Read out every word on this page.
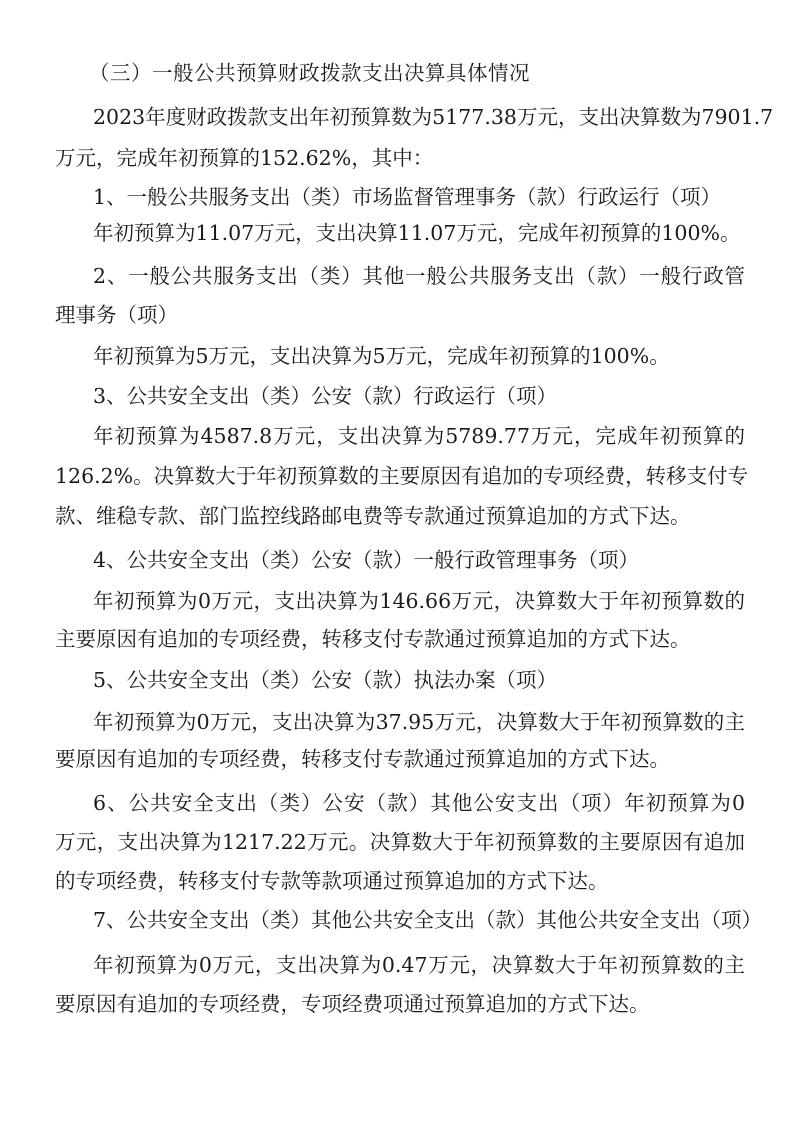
（三）一般公共预算财政拨款支出决算具体情况
2023年度财政拨款支出年初预算数为5177.38万元，支出决算数为7901.7
万元，完成年初预算的152.62%，其中：
1、一般公共服务支出（类）市场监督管理事务（款）行政运行（项）
年初预算为11.07万元，支出决算11.07万元，完成年初预算的100%。
2、一般公共服务支出（类）其他一般公共服务支出（款）一般行政管
理事务（项）
年初预算为5万元，支出决算为5万元，完成年初预算的100%。
3、公共安全支出（类）公安（款）行政运行（项）
年初预算为4587.8万元，支出决算为5789.77万元，完成年初预算的
126.2%。决算数大于年初预算数的主要原因有追加的专项经费，转移支付专
款、维稳专款、部门监控线路邮电费等专款通过预算追加的方式下达。
4、公共安全支出（类）公安（款）一般行政管理事务（项）
年初预算为0万元，支出决算为146.66万元，决算数大于年初预算数的
主要原因有追加的专项经费，转移支付专款通过预算追加的方式下达。
5、公共安全支出（类）公安（款）执法办案（项）
年初预算为0万元，支出决算为37.95万元，决算数大于年初预算数的主
要原因有追加的专项经费，转移支付专款通过预算追加的方式下达。
6、公共安全支出（类）公安（款）其他公安支出（项）年初预算为0
万元，支出决算为1217.22万元。决算数大于年初预算数的主要原因有追加
的专项经费，转移支付专款等款项通过预算追加的方式下达。
7、公共安全支出（类）其他公共安全支出（款）其他公共安全支出（项）
年初预算为0万元，支出决算为0.47万元，决算数大于年初预算数的主
要原因有追加的专项经费，专项经费项通过预算追加的方式下达。
